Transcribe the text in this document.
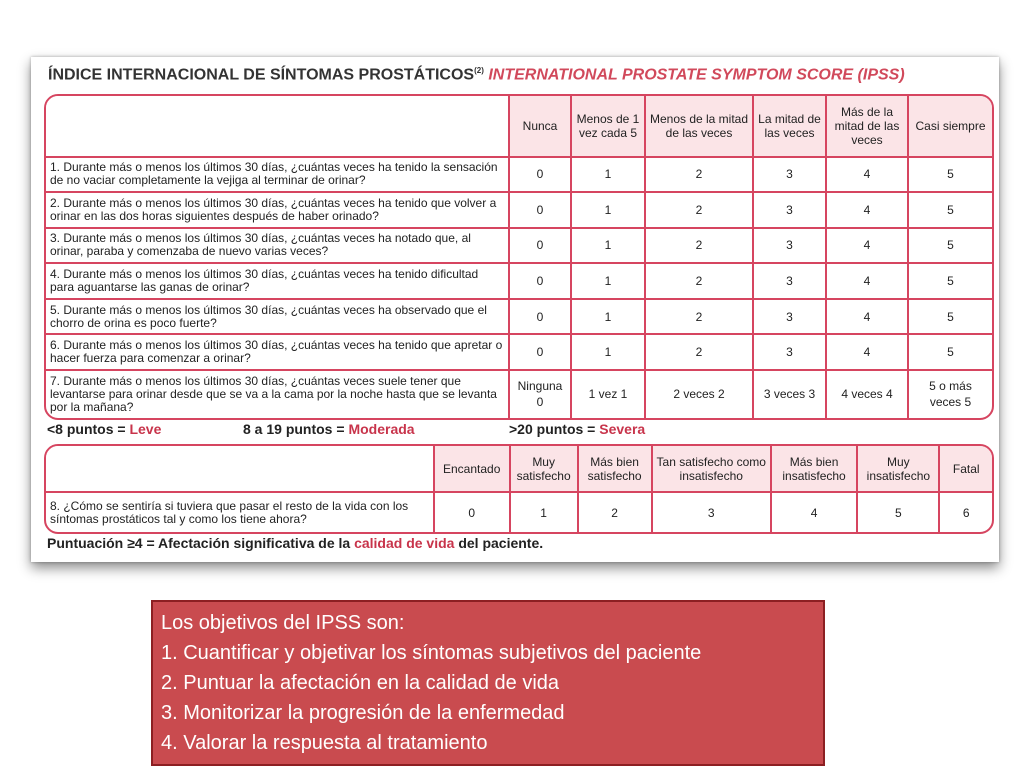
ÍNDICE INTERNACIONAL DE SÍNTOMAS PROSTÁTICOS$^{(2)}$ INTERNATIONAL PROSTATE SYMPTOM SCORE (IPSS)
	Nunca	Menos de 1 vez cada 5	Menos de la mitad de las veces	La mitad de las veces	Más de la mitad de las veces	Casi siempre
1. Durante más o menos los últimos 30 días, ¿cuántas veces ha tenido la sensación de no vaciar completamente la vejiga al terminar de orinar?	0	1	2	3	4	5
2. Durante más o menos los últimos 30 días, ¿cuántas veces ha tenido que volver a orinar en las dos horas siguientes después de haber orinado?	0	1	2	3	4	5
3. Durante más o menos los últimos 30 días, ¿cuántas veces ha notado que, al orinar, paraba y comenzaba de nuevo varias veces?	0	1	2	3	4	5
4. Durante más o menos los últimos 30 días, ¿cuántas veces ha tenido dificultad para aguantarse las ganas de orinar?	0	1	2	3	4	5
5. Durante más o menos los últimos 30 días, ¿cuántas veces ha observado que el chorro de orina es poco fuerte?	0	1	2	3	4	5
6. Durante más o menos los últimos 30 días, ¿cuántas veces ha tenido que apretar o hacer fuerza para comenzar a orinar?	0	1	2	3	4	5
7. Durante más o menos los últimos 30 días, ¿cuántas veces suele tener que levantarse para orinar desde que se va a la cama por la noche hasta que se levanta por la mañana?	Ninguna 0	1 vez 1	2 veces 2	3 veces 3	4 veces 4	5 o más veces 5
<8 puntos = Leve	8 a 19 puntos = Moderada	>20 puntos = Severa
	Encantado	Muy satisfecho	Más bien satisfecho	Tan satisfecho como insatisfecho	Más bien insatisfecho	Muy insatisfecho	Fatal
8. ¿Cómo se sentiría si tuviera que pasar el resto de la vida con los síntomas prostáticos tal y como los tiene ahora?	0	1	2	3	4	5	6
Puntuación ≥4 = Afectación significativa de la calidad de vida del paciente.
Los objetivos del IPSS son:
1. Cuantificar y objetivar los síntomas subjetivos del paciente
2. Puntuar la afectación en la calidad de vida
3. Monitorizar la progresión de la enfermedad
4. Valorar la respuesta al tratamiento
